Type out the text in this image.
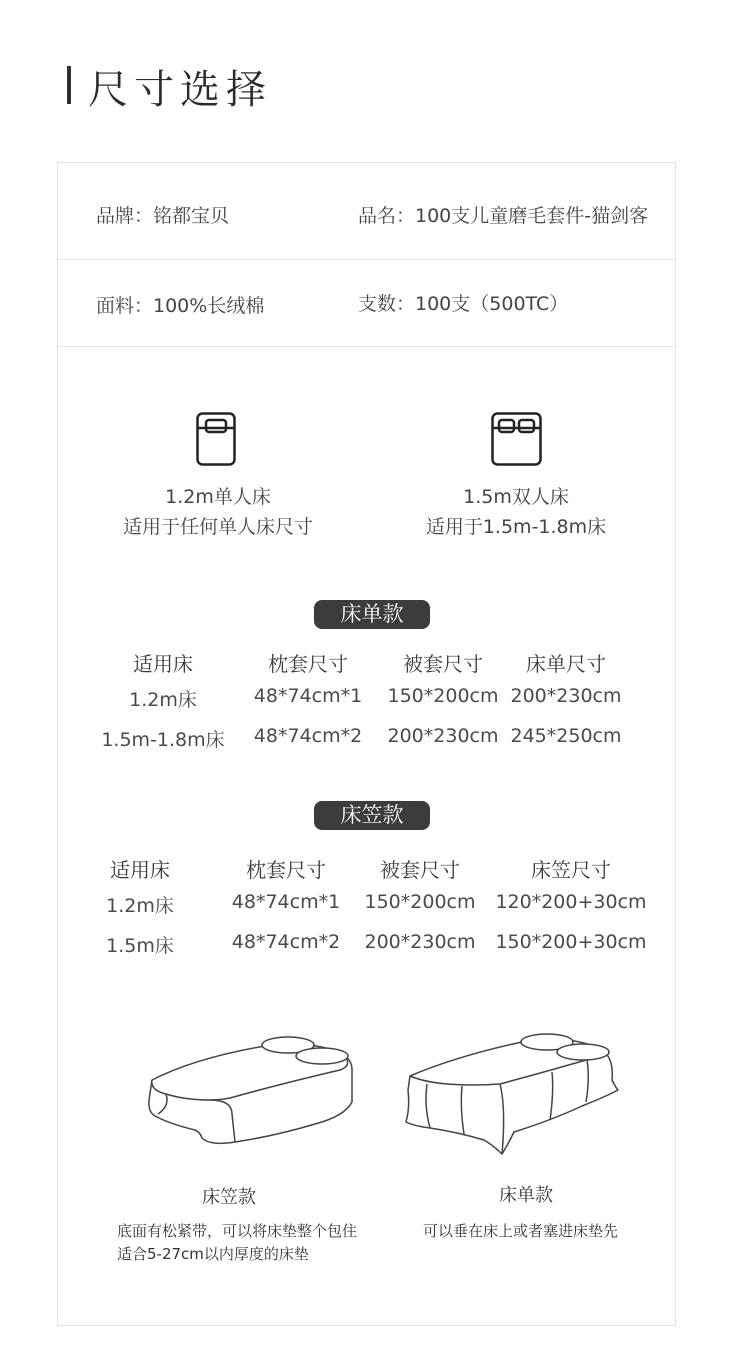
尺寸选择
品牌：铭都宝贝	品名：100支儿童磨毛套件-猫剑客
面料：100%长绒棉	支数：100支（500TC）
1.2m单人床
适用于任何单人床尺寸
1.5m双人床
适用于1.5m-1.8m床
床单款
适用床	枕套尺寸	被套尺寸 床单尺寸
1.2m床	48*74cm*1 150*200cm 200*230cm
1.5m-1.8m床 48*74cm*2 200*230cm 245*250cm
床笠款
适用床	枕套尺寸	被套尺寸	床笠尺寸
1.2m床	48*74cm*1 150*200cm 120*200+30cm
1.5m床	48*74cm*2 200*230cm 150*200+30cm
床笠款
底面有松紧带，可以将床垫整个包住
适合5-27cm以内厚度的床垫
床单款
可以垂在床上或者塞进床垫先
